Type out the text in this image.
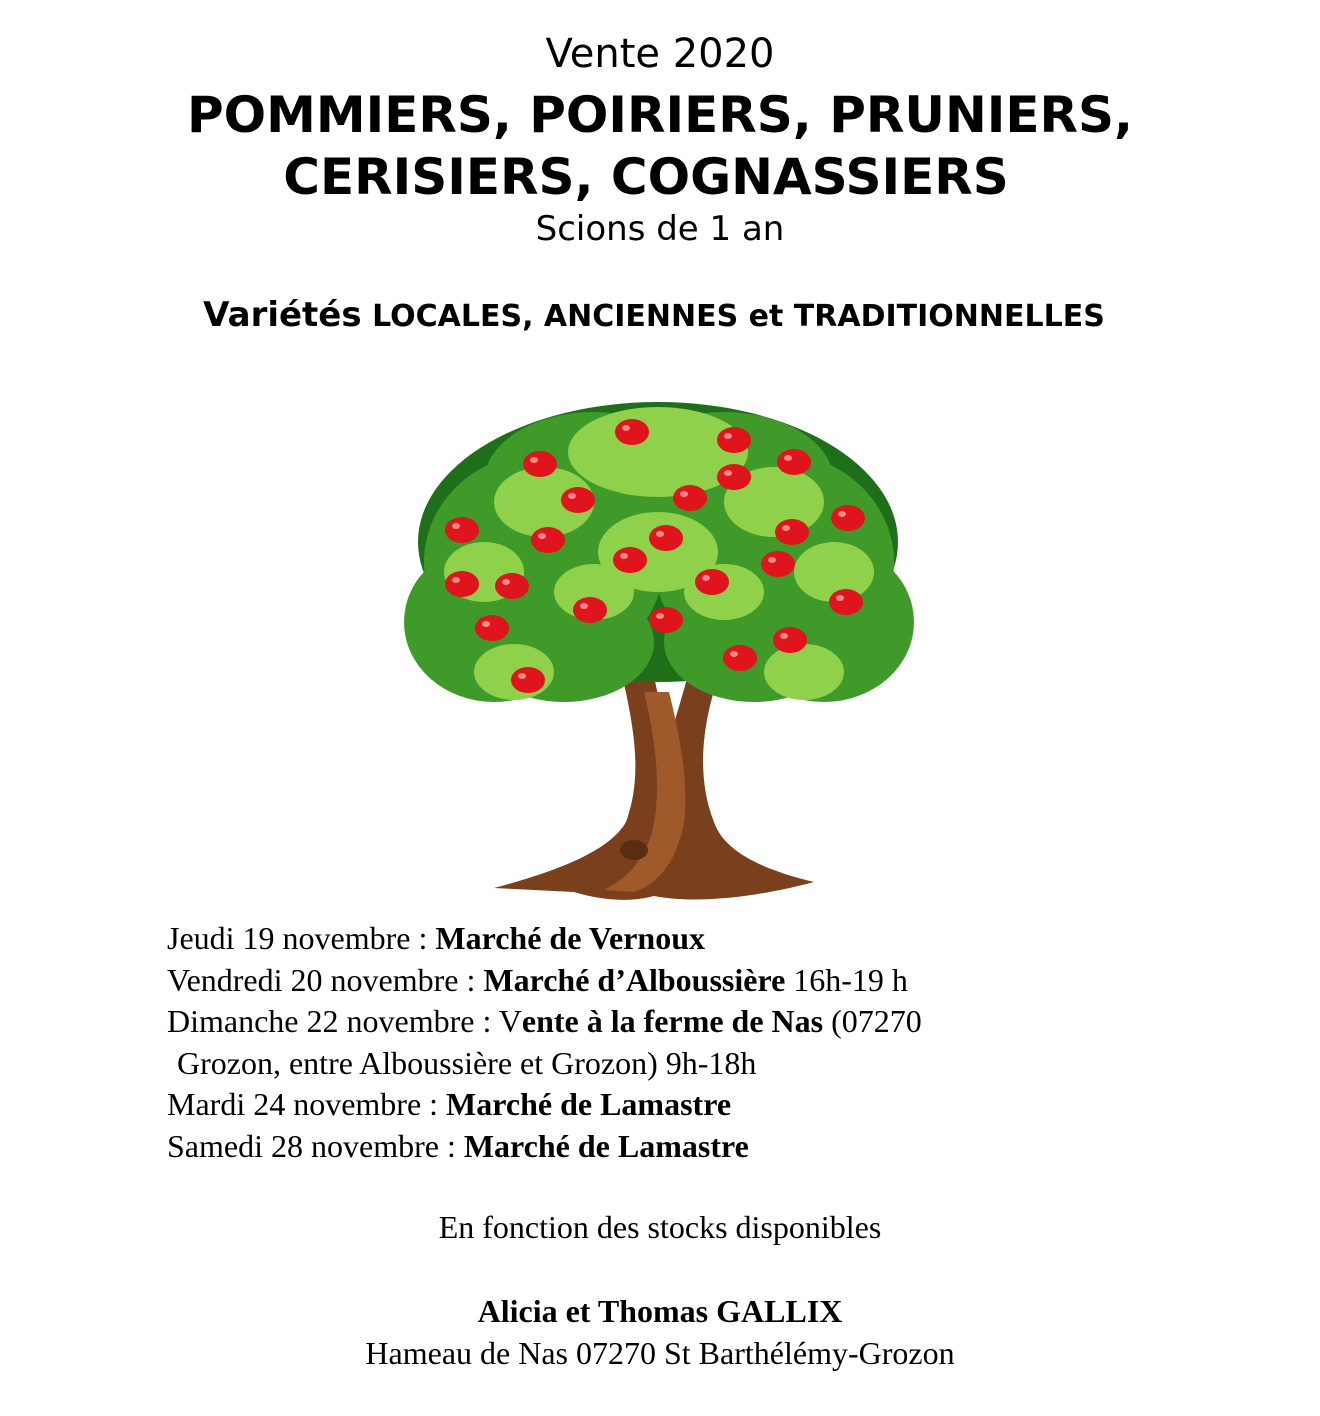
Vente 2020
POMMIERS, POIRIERS, PRUNIERS,
CERISIERS, COGNASSIERS
Scions de 1 an
Variétés LOCALES, ANCIENNES et TRADITIONNELLES
Jeudi 19 novembre : Marché de Vernoux
Vendredi 20 novembre : Marché d’Alboussière 16h-19 h
Dimanche 22 novembre : Vente à la ferme de Nas (07270
Grozon, entre Alboussière et Grozon) 9h-18h
Mardi 24 novembre : Marché de Lamastre
Samedi 28 novembre : Marché de Lamastre
En fonction des stocks disponibles
Alicia et Thomas GALLIX
Hameau de Nas 07270 St Barthélémy-Grozon
